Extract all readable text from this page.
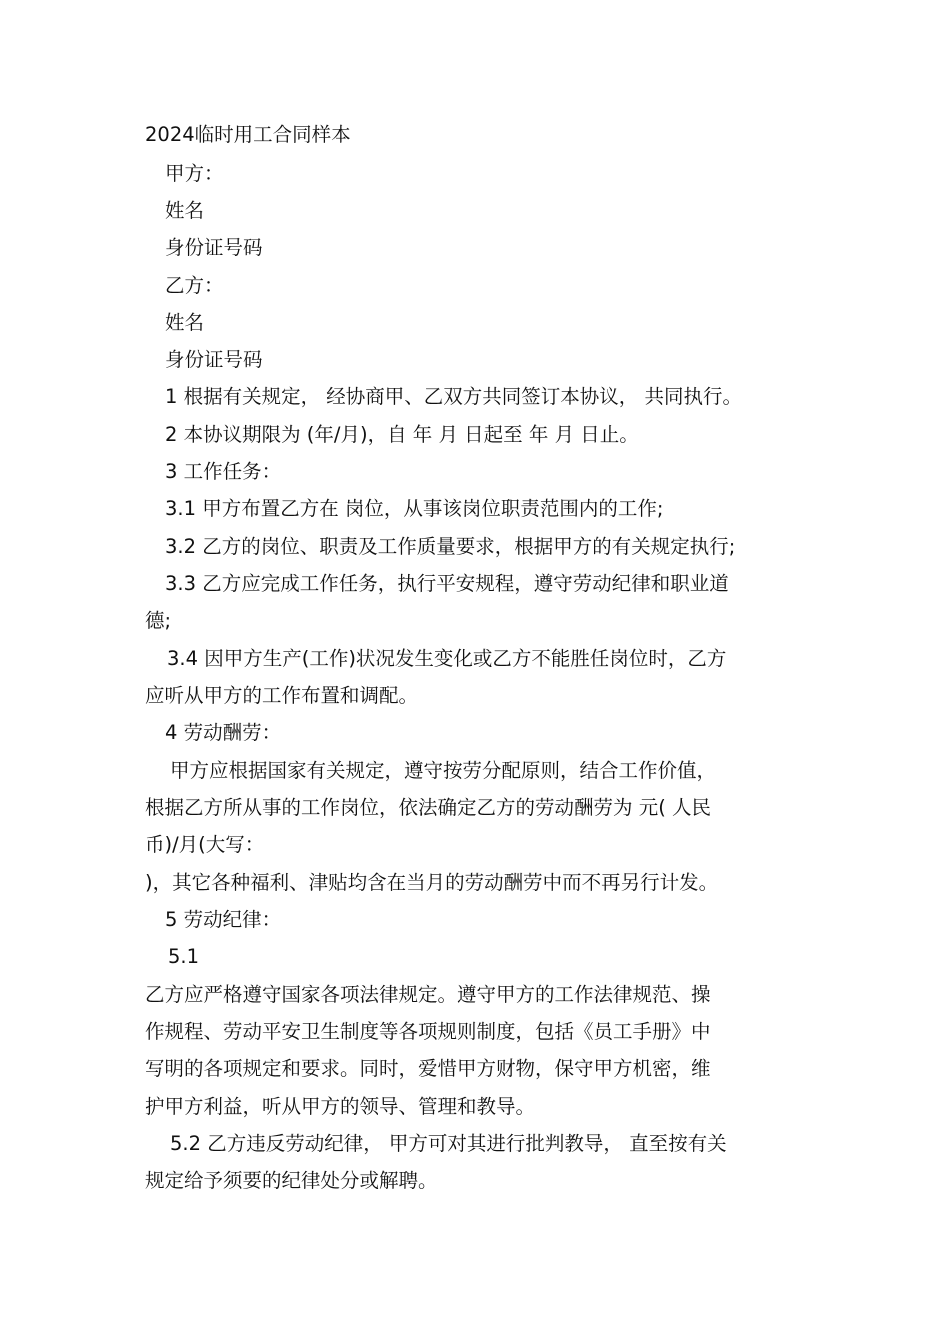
2024临时用工合同样本
甲方：
姓名
身份证号码
乙方：
姓名
身份证号码
1 根据有关规定， 经协商甲、乙双方共同签订本协议， 共同执行。
2 本协议期限为 (年/月)，自 年 月 日起至 年 月 日止。
3 工作任务：
3.1 甲方布置乙方在 岗位，从事该岗位职责范围内的工作;
3.2 乙方的岗位、职责及工作质量要求，根据甲方的有关规定执行;
3.3 乙方应完成工作任务，执行平安规程，遵守劳动纪律和职业道
德;
3.4 因甲方生产(工作)状况发生变化或乙方不能胜任岗位时，乙方
应听从甲方的工作布置和调配。
4 劳动酬劳：
甲方应根据国家有关规定，遵守按劳分配原则，结合工作价值，
根据乙方所从事的工作岗位，依法确定乙方的劳动酬劳为 元( 人民
币)/月(大写：
)，其它各种福利、津贴均含在当月的劳动酬劳中而不再另行计发。
5 劳动纪律：
5.1
乙方应严格遵守国家各项法律规定。遵守甲方的工作法律规范、操
作规程、劳动平安卫生制度等各项规则制度，包括《员工手册》中
写明的各项规定和要求。同时，爱惜甲方财物，保守甲方机密，维
护甲方利益，听从甲方的领导、管理和教导。
5.2 乙方违反劳动纪律， 甲方可对其进行批判教导， 直至按有关
规定给予须要的纪律处分或解聘。
